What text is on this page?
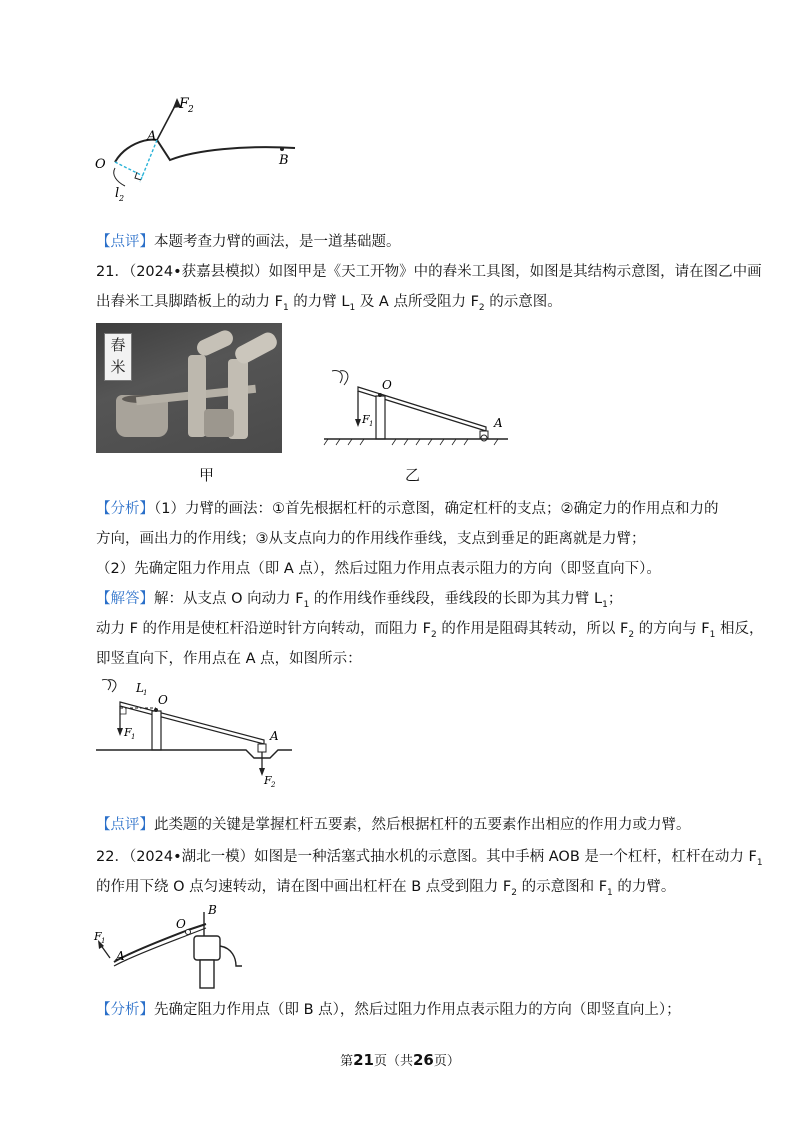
F 2
A
O	B
l 2
【点评】本题考查力臂的画法，是一道基础题。
21．（2024•获嘉县模拟）如图甲是《天工开物》中的舂米工具图，如图是其结构示意图，请在图乙中画
出舂米工具脚踏板上的动力 $F_1$ 的力臂 $L_1$ 及 A 点所受阻力 $F_2$ 的示意图。
舂
米
甲
O
A
F 1
乙
【分析】（1）力臂的画法：①首先根据杠杆的示意图，确定杠杆的支点；②确定力的作用点和力的
方向，画出力的作用线；③从支点向力的作用线作垂线，支点到垂足的距离就是力臂；
（2）先确定阻力作用点（即 A 点），然后过阻力作用点表示阻力的方向（即竖直向下）。
【解答】解：从支点 O 向动力 $F_1$ 的作用线作垂线段，垂线段的长即为其力臂 $L_1$；
动力 F 的作用是使杠杆沿逆时针方向转动，而阻力 $F_2$ 的作用是阻碍其转动，所以 $F_2$ 的方向与 $F_1$ 相反，
即竖直向下，作用点在 A 点，如图所示：
L 1 O
A
F 1
F 2
【点评】此类题的关键是掌握杠杆五要素，然后根据杠杆的五要素作出相应的作用力或力臂。
22．（2024•湖北一模）如图是一种活塞式抽水机的示意图。其中手柄 AOB 是一个杠杆，杠杆在动力 $F_1$
的作用下绕 O 点匀速转动，请在图中画出杠杆在 B 点受到阻力 $F_2$ 的示意图和 $F_1$ 的力臂。
F 1
O
B
A
【分析】先确定阻力作用点（即 B 点），然后过阻力作用点表示阻力的方向（即竖直向上）；
第21页（共26页）
